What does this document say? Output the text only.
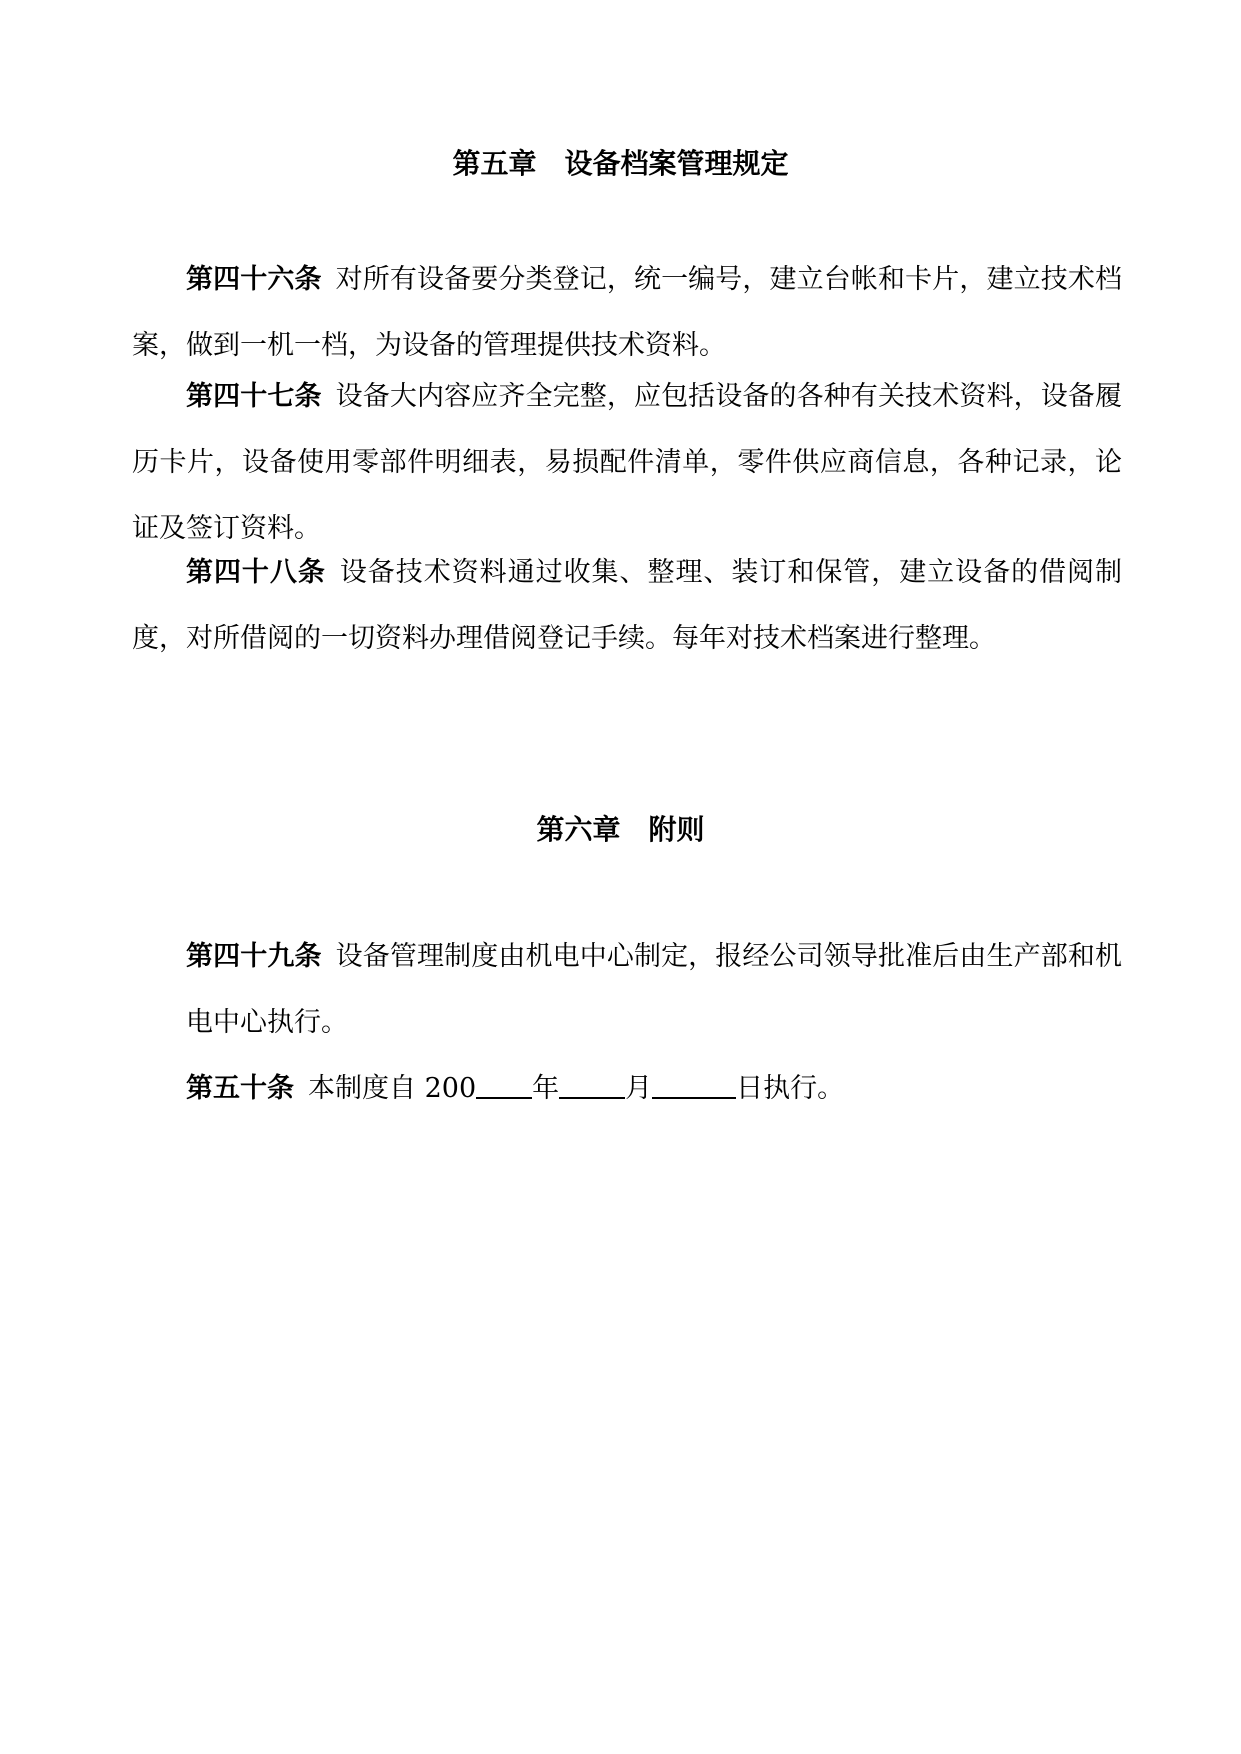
第五章 设备档案管理规定

第四十六条 对所有设备要分类登记，统一编号，建立台帐和卡片，建立技术档案，做到一机一档，为设备的管理提供技术资料。

第四十七条 设备大内容应齐全完整，应包括设备的各种有关技术资料，设备履历卡片，设备使用零部件明细表，易损配件清单，零件供应商信息，各种记录，论证及签订资料。

第四十八条 设备技术资料通过收集、整理、装订和保管，建立设备的借阅制度，对所借阅的一切资料办理借阅登记手续。每年对技术档案进行整理。

第六章 附则

第四十九条 设备管理制度由机电中心制定，报经公司领导批准后由生产部和机电中心执行。

第五十条 本制度自 200 年 月	日执行。
